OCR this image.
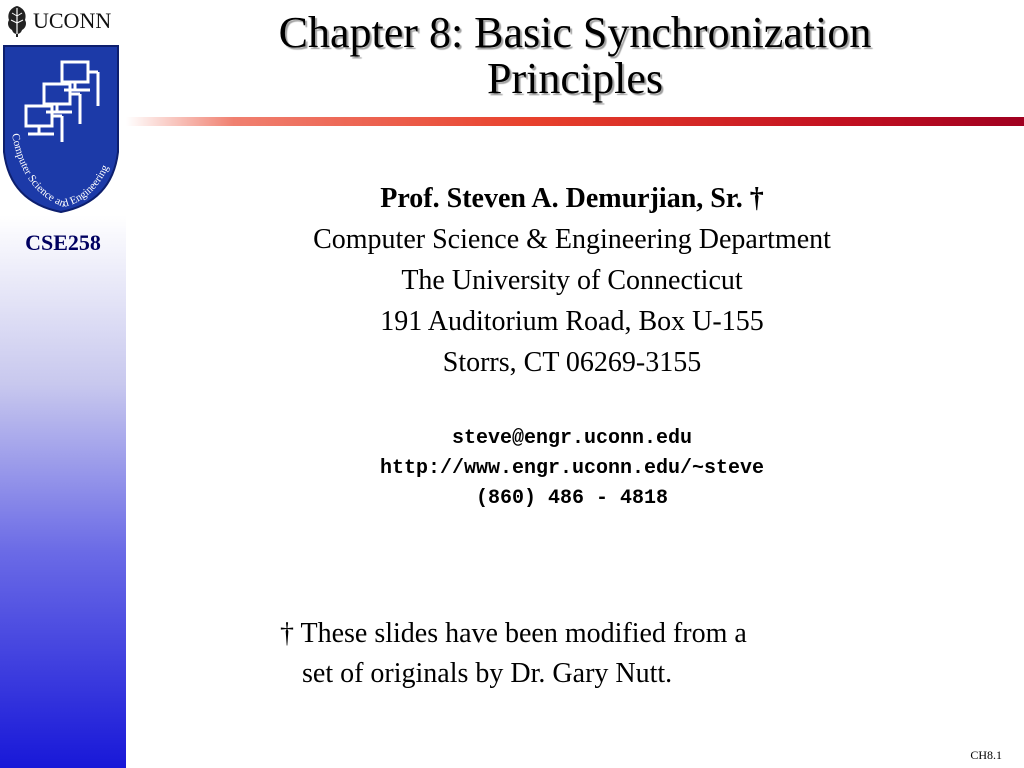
UCONN
Computer Science and Engineering
CSE258
Chapter 8: Basic Synchronization
Principles
Prof. Steven A. Demurjian, Sr. †
Computer Science & Engineering Department
The University of Connecticut
191 Auditorium Road, Box U-155
Storrs, CT 06269-3155
steve@engr.uconn.edu
http://www.engr.uconn.edu/~steve
(860) 486 - 4818
† These slides have been modified from a
set of originals by Dr. Gary Nutt.
CH8.1
